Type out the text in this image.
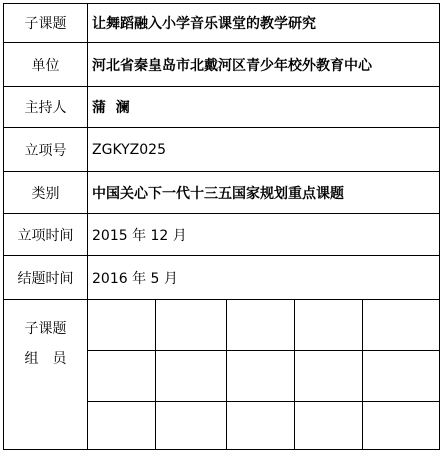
子课题	让舞蹈融入小学音乐课堂的教学研究				
单位	河北省秦皇岛市北戴河区青少年校外教育中心				
主持人	蒲  澜				
立项号	ZGKYZ025				
类别	中国关心下一代十三五国家规划重点课题				
立项时间	2015 年 12 月				
结题时间	2016 年 5 月				

子课题
组　员					
